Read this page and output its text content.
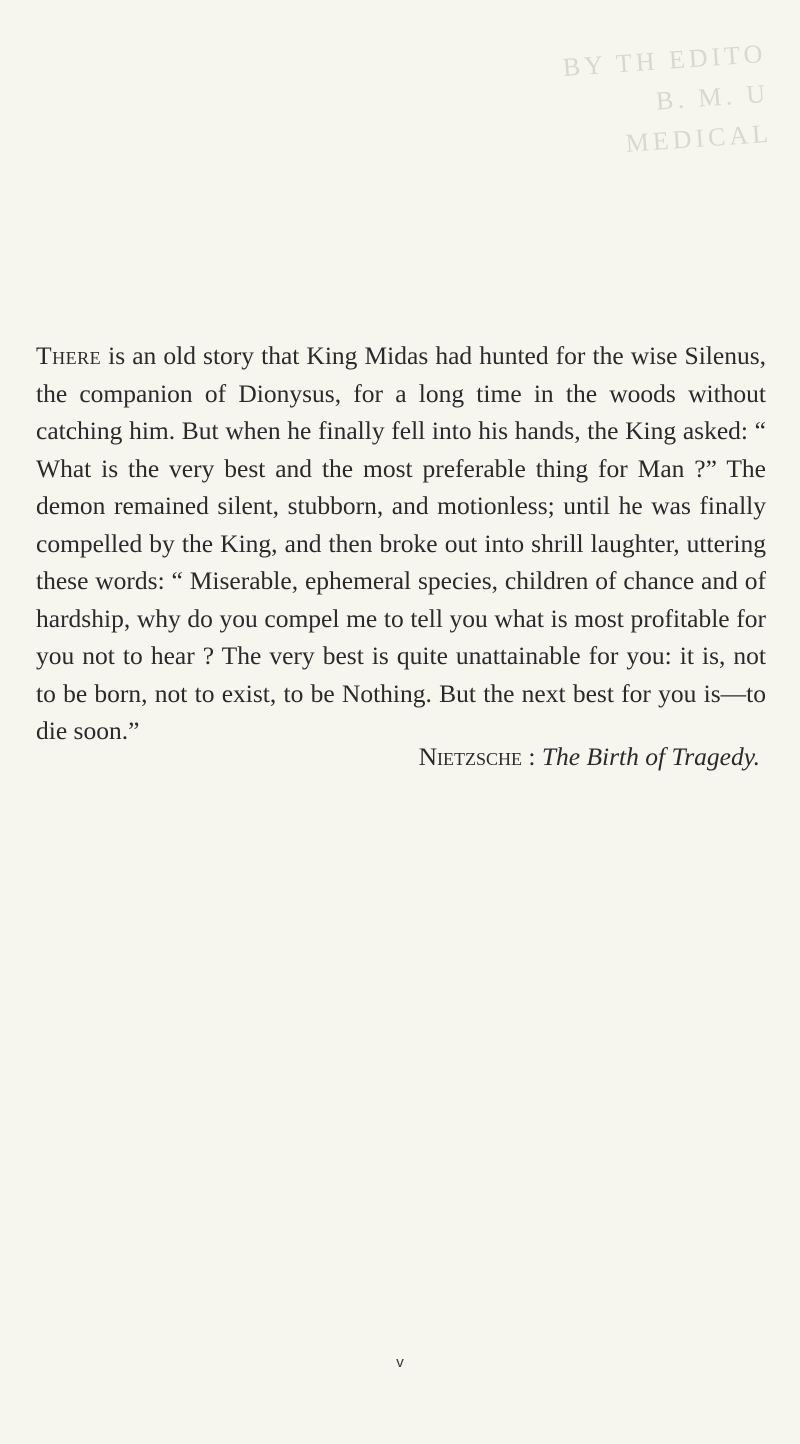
BY TH EDITO
B. M. U
MEDICAL

There is an old story that King Midas had hunted for the wise Silenus, the companion of Dionysus, for a long time in the woods without catching him. But when he finally fell into his hands, the King asked: “ What is the very best and the most preferable thing for Man ?” The demon remained silent, stubborn, and motionless; until he was finally compelled by the King, and then broke out into shrill laughter, uttering these words: “ Miserable, ephemeral species, children of chance and of hardship, why do you compel me to tell you what is most profitable for you not to hear ? The very best is quite unattainable for you: it is, not to be born, not to exist, to be Nothing. But the next best for you is—to die soon.”

Nietzsche : The Birth of Tragedy.
v
